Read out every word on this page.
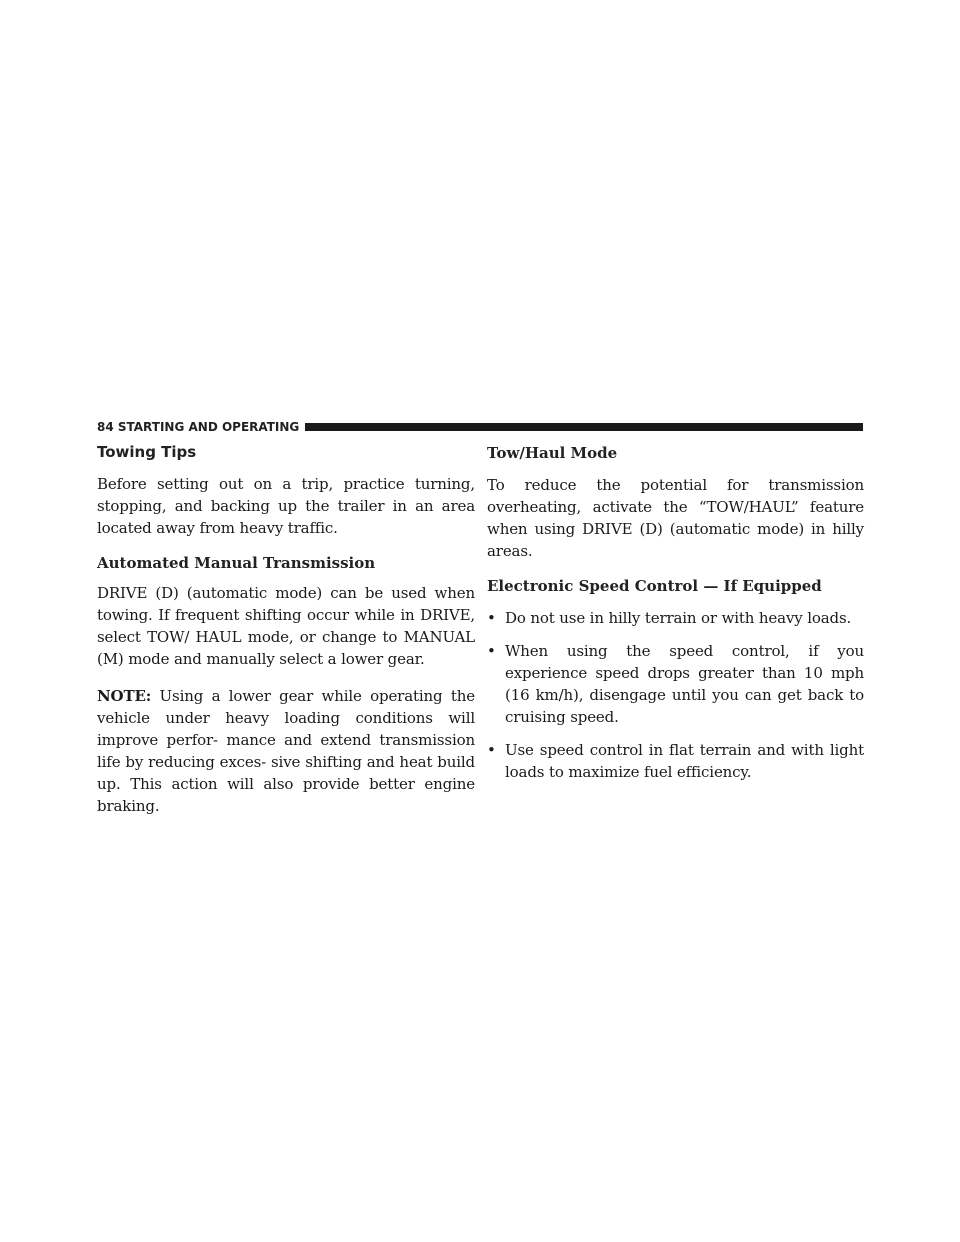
84 STARTING AND OPERATING
Towing Tips

Before setting out on a trip, practice turning, stopping, and backing up the trailer in an area located away from heavy traffic.

Automated Manual Transmission

DRIVE (D) (automatic mode) can be used when towing. If frequent shifting occur while in DRIVE, select TOW/ HAUL mode, or change to MANUAL (M) mode and manually select a lower gear.

NOTE: Using a lower gear while operating the vehicle under heavy loading conditions will improve perfor- mance and extend transmission life by reducing exces- sive shifting and heat build up. This action will also provide better engine braking.

Tow/Haul Mode

To reduce the potential for transmission overheating, activate the “TOW/HAUL” feature when using DRIVE (D) (automatic mode) in hilly areas.

Electronic Speed Control — If Equipped
• Do not use in hilly terrain or with heavy loads.
• When using the speed control, if you experience speed drops greater than 10 mph (16 km/h), disengage until you can get back to cruising speed.
• Use speed control in flat terrain and with light loads to maximize fuel efficiency.
